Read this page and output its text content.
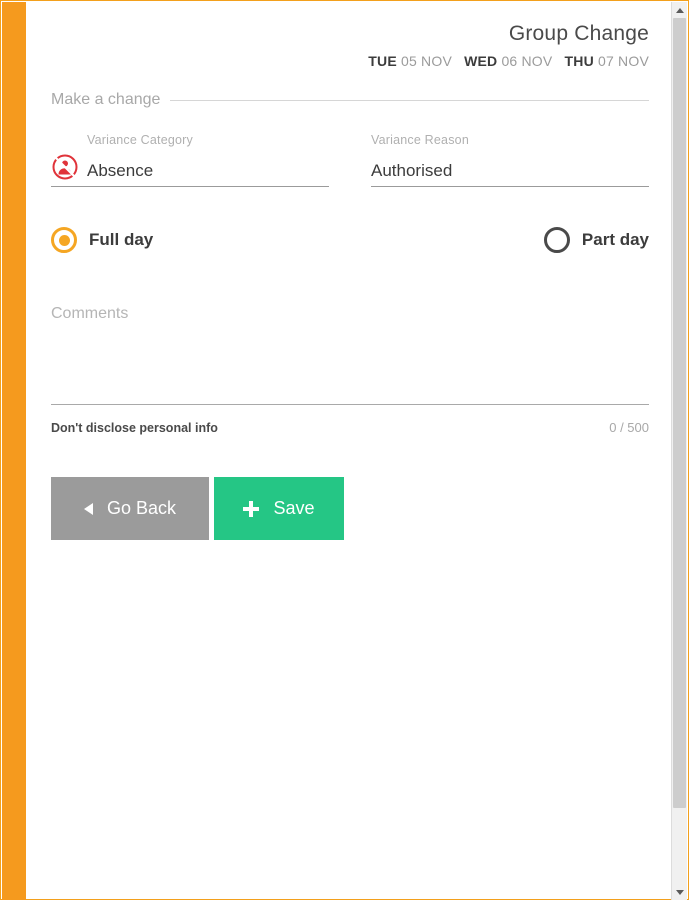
Group Change
TUE 05 NOV WED 06 NOV THU 07 NOV
Make a change
Variance Category
Absence
Variance Reason
Authorised
Full day	Part day
Comments
Don't disclose personal info	0 / 500
Go Back	Save
